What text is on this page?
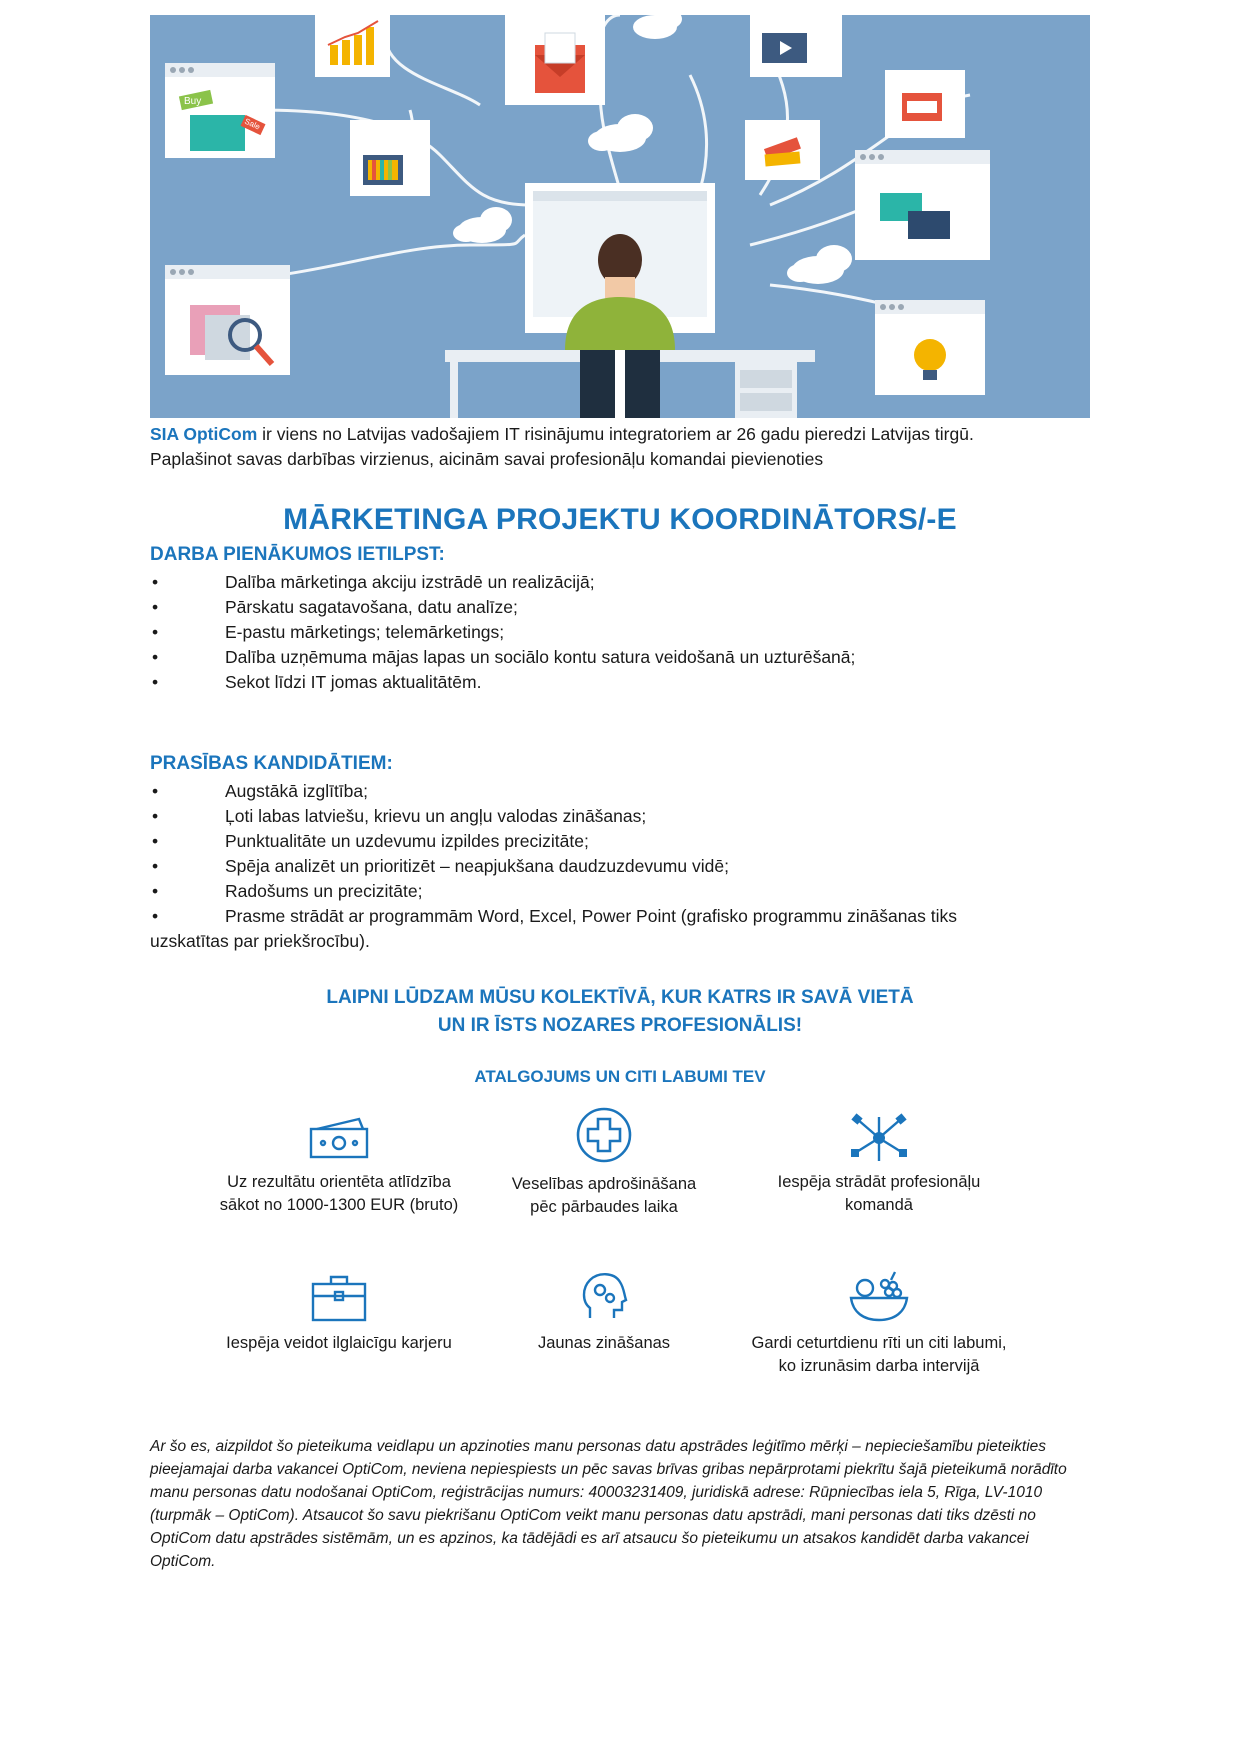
Buy
Sale
SIA OptiCom ir viens no Latvijas vadošajiem IT risinājumu integratoriem ar 26 gadu pieredzi Latvijas tirgū.
Paplašinot savas darbības virzienus, aicinām savai profesionāļu komandai pievienoties
MĀRKETINGA PROJEKTU KOORDINĀTORS/-E
DARBA PIENĀKUMOS IETILPST:
•	Dalība mārketinga akciju izstrādē un realizācijā;
•	Pārskatu sagatavošana, datu analīze;
•	E-pastu mārketings; telemārketings;
•	Dalība uzņēmuma mājas lapas un sociālo kontu satura veidošanā un uzturēšanā;
•	Sekot līdzi IT jomas aktualitātēm.
PRASĪBAS KANDIDĀTIEM:
•	Augstākā izglītība;
•	Ļoti labas latviešu, krievu un angļu valodas zināšanas;
•	Punktualitāte un uzdevumu izpildes precizitāte;
•	Spēja analizēt un prioritizēt – neapjukšana daudzuzdevumu vidē;
•	Radošums un precizitāte;
•	Prasme strādāt ar programmām Word, Excel, Power Point (grafisko programmu zināšanas tiks
uzskatītas par priekšrocību).
LAIPNI LŪDZAM MŪSU KOLEKTĪVĀ, KUR KATRS IR SAVĀ VIETĀ
UN IR ĪSTS NOZARES PROFESIONĀLIS!
ATALGOJUMS UN CITI LABUMI TEV
Uz rezultātu orientēta atlīdzība
sākot no 1000-1300 EUR (bruto)
Veselības apdrošināšana
pēc pārbaudes laika
Iespēja strādāt profesionāļu
komandā
Iespēja veidot ilglaicīgu karjeru	Jaunas zināšanas	Gardi ceturtdienu rīti un citi labumi,
ko izrunāsim darba intervijā
Ar šo es, aizpildot šo pieteikuma veidlapu un apzinoties manu personas datu apstrādes leģitīmo mērķi – nepieciešamību pieteikties pieejamajai darba vakancei OptiCom, neviena nepiespiests un pēc savas brīvas gribas nepārprotami piekrītu šajā pieteikumā norādīto manu personas datu nodošanai OptiCom, reģistrācijas numurs: 40003231409, juridiskā adrese: Rūpniecības iela 5, Rīga, LV-1010 (turpmāk – OptiCom). Atsaucot šo savu piekrišanu OptiCom veikt manu personas datu apstrādi, mani personas dati tiks dzēsti no OptiCom datu apstrādes sistēmām, un es apzinos, ka tādējādi es arī atsaucu šo pieteikumu un atsakos kandidēt darba vakancei OptiCom.
